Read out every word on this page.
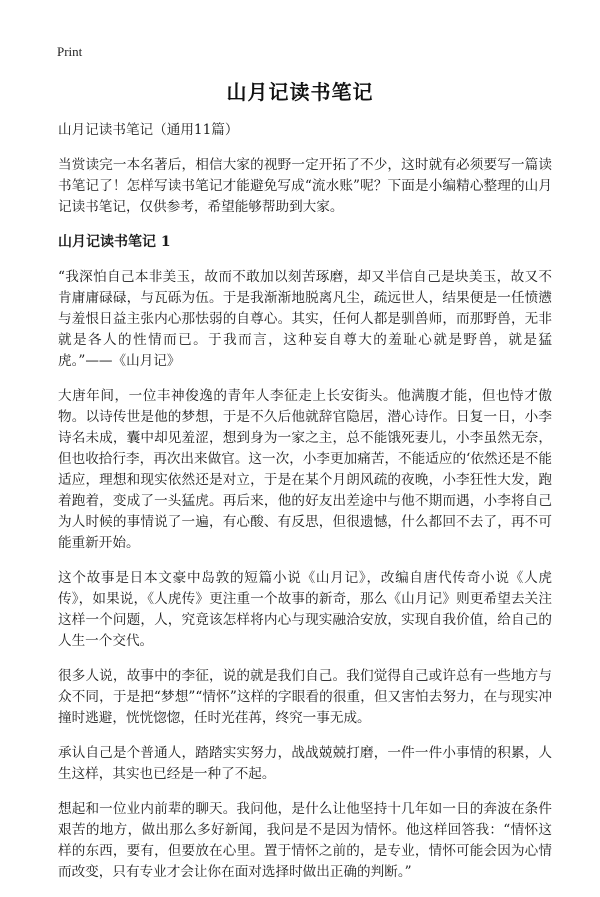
Print
山月记读书笔记

山月记读书笔记（通用11篇）

当赏读完一本名著后，相信大家的视野一定开拓了不少，这时就有必须要写一篇读书笔记了！怎样写读书笔记才能避免写成“流水账”呢？下面是小编精心整理的山月记读书笔记，仅供参考，希望能够帮助到大家。

山月记读书笔记 1

“我深怕自己本非美玉，故而不敢加以刻苦琢磨，却又半信自己是块美玉，故又不肯庸庸碌碌，与瓦砾为伍。于是我渐渐地脱离凡尘，疏远世人，结果便是一任愤懑与羞恨日益主张内心那怯弱的自尊心。其实，任何人都是驯兽师，而那野兽，无非就是各人的性情而已。于我而言，这种妄自尊大的羞耻心就是野兽，就是猛虎。”——《山月记》

大唐年间，一位丰神俊逸的青年人李征走上长安街头。他满腹才能，但也恃才傲物。以诗传世是他的梦想，于是不久后他就辞官隐居，潜心诗作。日复一日，小李诗名未成，囊中却见羞涩，想到身为一家之主，总不能饿死妻儿，小李虽然无奈，但也收拾行李，再次出来做官。这一次，小李更加痛苦，不能适应的‘依然还是不能适应，理想和现实依然还是对立，于是在某个月朗风疏的夜晚，小李狂性大发，跑着跑着，变成了一头猛虎。再后来，他的好友出差途中与他不期而遇，小李将自己为人时候的事情说了一遍，有心酸、有反思，但很遗憾，什么都回不去了，再不可能重新开始。

这个故事是日本文豪中岛敦的短篇小说《山月记》，改编自唐代传奇小说《人虎传》，如果说，《人虎传》更注重一个故事的新奇，那么《山月记》则更希望去关注这样一个问题，人，究竟该怎样将内心与现实融洽安放，实现自我价值，给自己的人生一个交代。

很多人说，故事中的李征，说的就是我们自己。我们觉得自己或许总有一些地方与众不同，于是把“梦想”“情怀”这样的字眼看的很重，但又害怕去努力，在与现实冲撞时逃避，恍恍惚惚，任时光荏苒，终究一事无成。

承认自己是个普通人，踏踏实实努力，战战兢兢打磨，一件一件小事情的积累，人生这样，其实也已经是一种了不起。

想起和一位业内前辈的聊天。我问他，是什么让他坚持十几年如一日的奔波在条件艰苦的地方，做出那么多好新闻，我问是不是因为情怀。他这样回答我：“情怀这样的东西，要有，但要放在心里。置于情怀之前的，是专业，情怀可能会因为心情而改变，只有专业才会让你在面对选择时做出正确的判断。”
